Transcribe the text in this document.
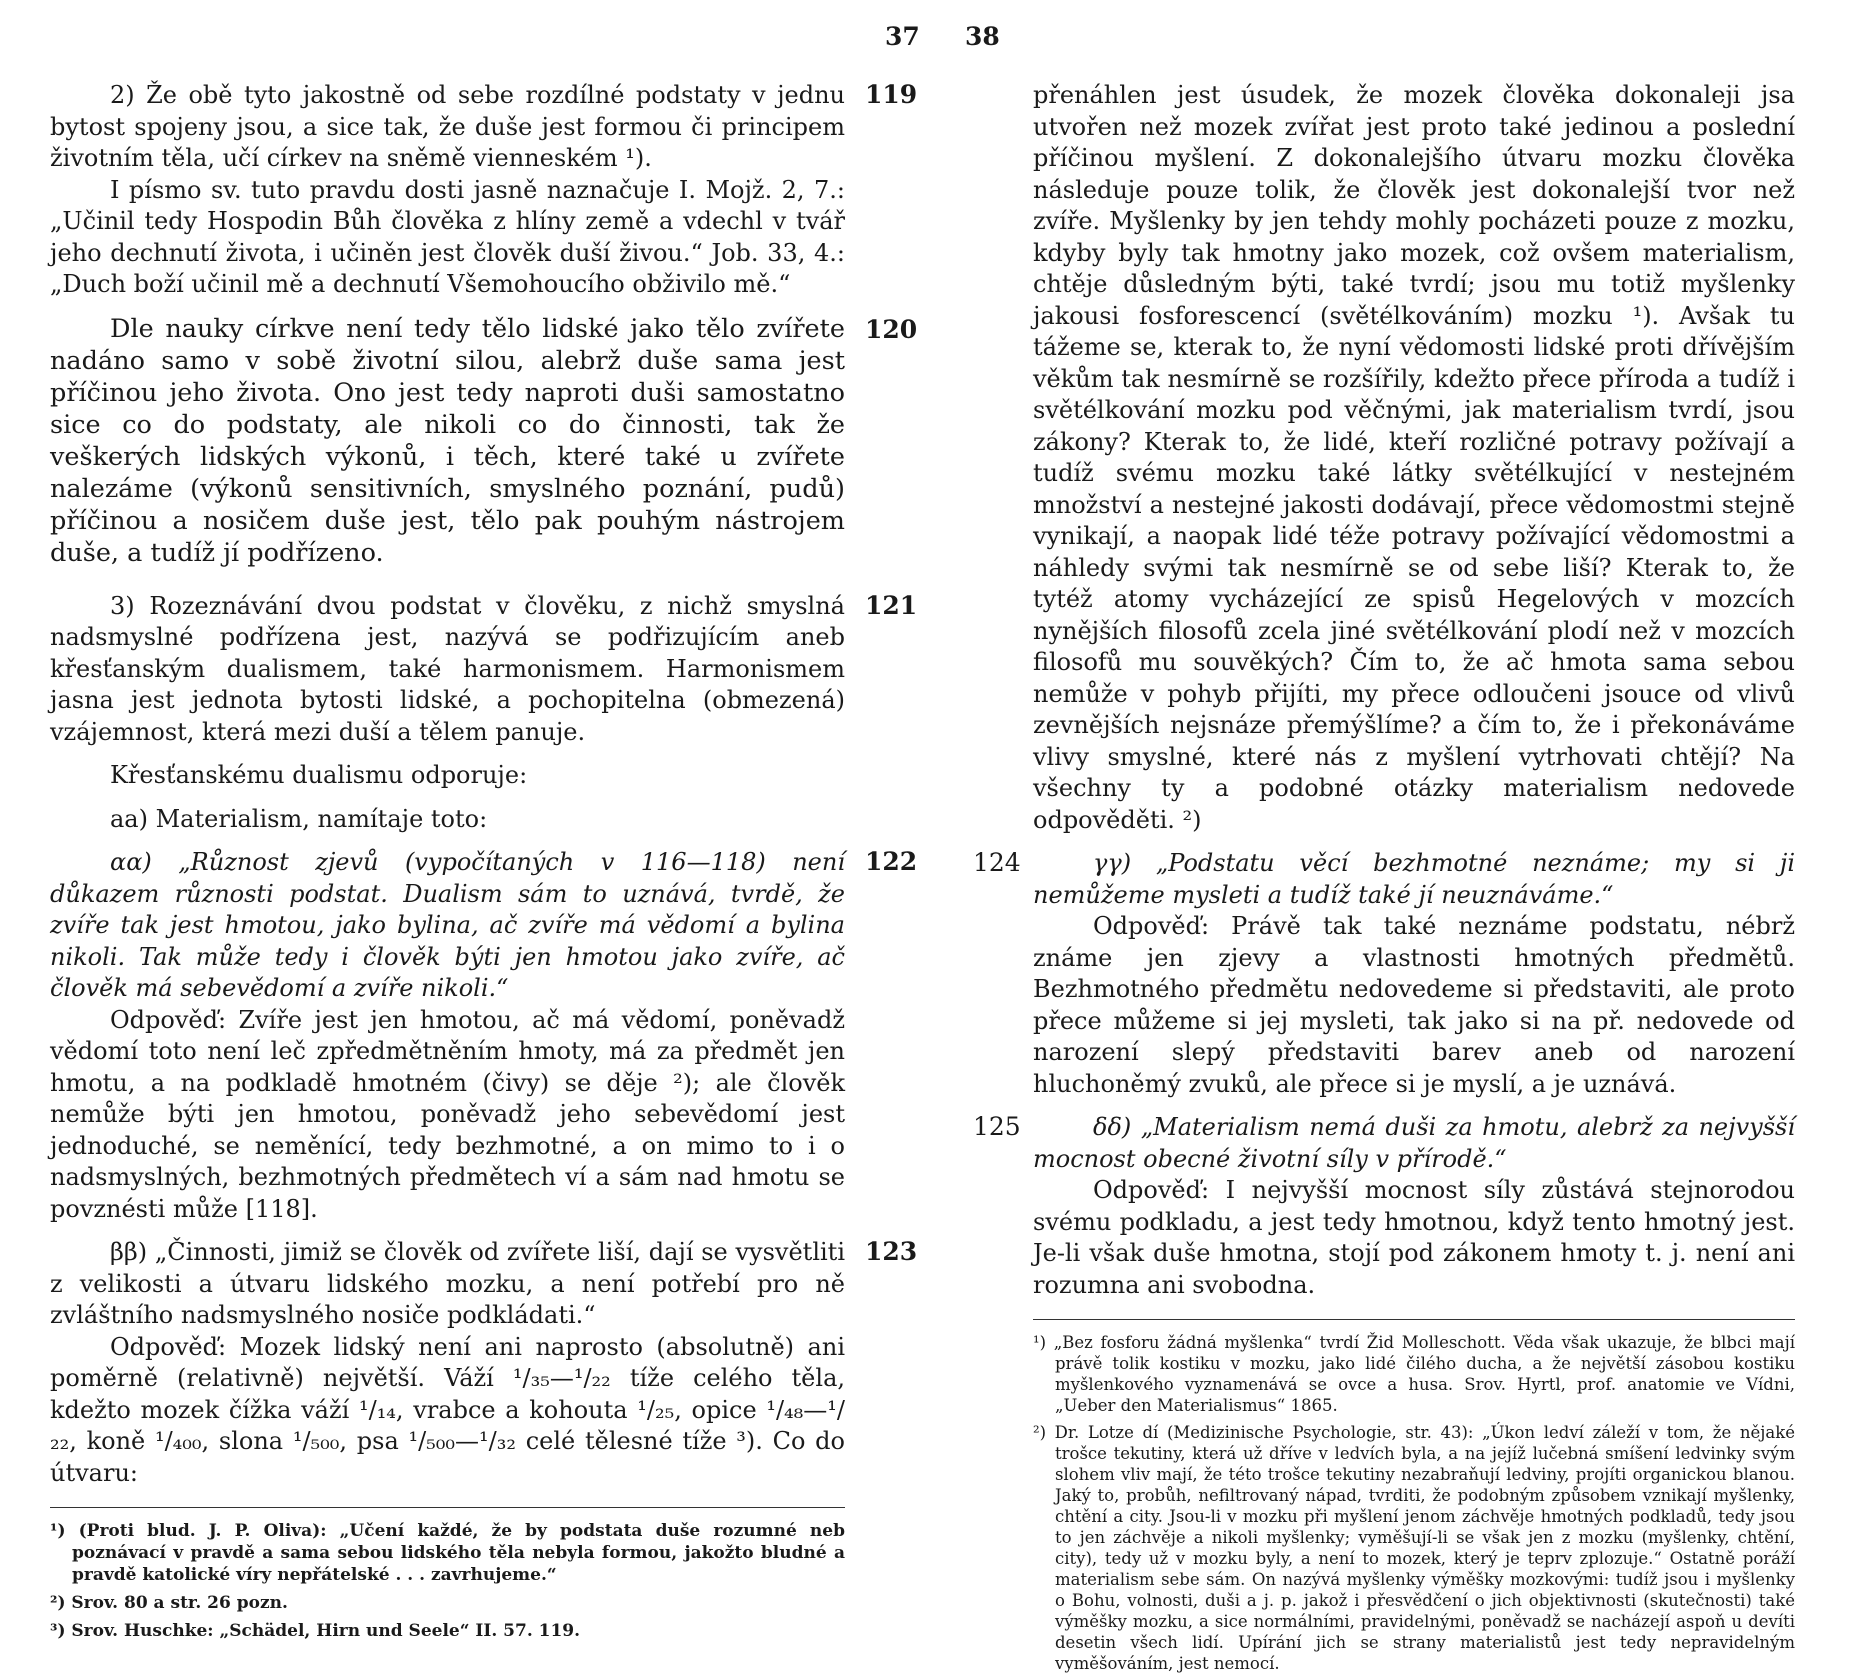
37 38
119

2) Že obě tyto jakostně od sebe rozdílné podstaty v jednu bytost spojeny jsou, a sice tak, že duše jest formou či principem životním těla, učí církev na sněmě vienneském ¹).

I písmo sv. tuto pravdu dosti jasně naznačuje I. Mojž. 2, 7.: „Učinil tedy Hospodin Bůh člověka z hlíny země a vdechl v tvář jeho dechnutí života, i učiněn jest člověk duší živou.“ Job. 33, 4.: „Duch boží učinil mě a dechnutí Všemohoucího obživilo mě.“

120

Dle nauky církve není tedy tělo lidské jako tělo zvířete nadáno samo v sobě životní silou, alebrž duše sama jest příčinou jeho života. Ono jest tedy naproti duši samostatno sice co do podstaty, ale nikoli co do činnosti, tak že veškerých lidských výkonů, i těch, které také u zvířete nalezáme (výkonů sensitivních, smyslného poznání, pudů) příčinou a nosičem duše jest, tělo pak pouhým nástrojem duše, a tudíž jí podřízeno.

121

3) Rozeznávání dvou podstat v člověku, z nichž smyslná nadsmyslné podřízena jest, nazývá se podřizujícím aneb křesťanským dualismem, také harmonismem. Harmonismem jasna jest jednota bytosti lidské, a pochopitelna (obmezená) vzájemnost, která mezi duší a tělem panuje.

Křesťanskému dualismu odporuje:

aa) Materialism, namítaje toto:

122

αα) „Různost zjevů (vypočítaných v 116—118) není důkazem různosti podstat. Dualism sám to uznává, tvrdě, že zvíře tak jest hmotou, jako bylina, ač zvíře má vědomí a bylina nikoli. Tak může tedy i člověk býti jen hmotou jako zvíře, ač člověk má sebevědomí a zvíře nikoli.“

Odpověď: Zvíře jest jen hmotou, ač má vědomí, poněvadž vědomí toto není leč zpředmětněním hmoty, má za předmět jen hmotu, a na podkladě hmotném (čivy) se děje ²); ale člověk nemůže býti jen hmotou, poněvadž jeho sebevědomí jest jednoduché, se neměnící, tedy bezhmotné, a on mimo to i o nadsmyslných, bezhmotných předmětech ví a sám nad hmotu se povznésti může [118].

123

ββ) „Činnosti, jimiž se člověk od zvířete liší, dají se vysvětliti z velikosti a útvaru lidského mozku, a není potřebí pro ně zvláštního nadsmyslného nosiče podkládati.“

Odpověď: Mozek lidský není ani naprosto (absolutně) ani poměrně (relativně) největší. Váží ¹/₃₅—¹/₂₂ tíže celého těla, kdežto mozek čížka váží ¹/₁₄, vrabce a kohouta ¹/₂₅, opice ¹/₄₈—¹/₂₂, koně ¹/₄₀₀, slona ¹/₅₀₀, psa ¹/₅₀₀—¹/₃₂ celé tělesné tíže ³). Co do útvaru:

¹) (Proti blud. J. P. Oliva): „Učení každé, že by podstata duše rozumné neb poznávací v pravdě a sama sebou lidského těla nebyla formou, jakožto bludné a pravdě katolické víry nepřátelské . . . zavrhujeme.“

²) Srov. 80 a str. 26 pozn.

³) Srov. Huschke: „Schädel, Hirn und Seele“ II. 57. 119.

přenáhlen jest úsudek, že mozek člověka dokonaleji jsa utvořen než mozek zvířat jest proto také jedinou a poslední příčinou myšlení. Z dokonalejšího útvaru mozku člověka následuje pouze tolik, že člověk jest dokonalejší tvor než zvíře. Myšlenky by jen tehdy mohly pocházeti pouze z mozku, kdyby byly tak hmotny jako mozek, což ovšem materialism, chtěje důsledným býti, také tvrdí; jsou mu totiž myšlenky jakousi fosforescencí (světélkováním) mozku ¹). Avšak tu tážeme se, kterak to, že nyní vědomosti lidské proti dřívějším věkům tak nesmírně se rozšířily, kdežto přece příroda a tudíž i světélkování mozku pod věčnými, jak materialism tvrdí, jsou zákony? Kterak to, že lidé, kteří rozličné potravy požívají a tudíž svému mozku také látky světélkující v nestejném množství a nestejné jakosti dodávají, přece vědomostmi stejně vynikají, a naopak lidé téže potravy požívající vědomostmi a náhledy svými tak nesmírně se od sebe liší? Kterak to, že tytéž atomy vycházející ze spisů Hegelových v mozcích nynějších filosofů zcela jiné světélkování plodí než v mozcích filosofů mu souvěkých? Čím to, že ač hmota sama sebou nemůže v pohyb přijíti, my přece odloučeni jsouce od vlivů zevnějších nejsnáze přemýšlíme? a čím to, že i překonáváme vlivy smyslné, které nás z myšlení vytrhovati chtějí? Na všechny ty a podobné otázky materialism nedovede odpověděti. ²)

124	γγ) „Podstatu věcí bezhmotné neznáme; my si ji nemůžeme mysleti a tudíž také jí neuznáváme.“

Odpověď: Právě tak také neznáme podstatu, nébrž známe jen zjevy a vlastnosti hmotných předmětů. Bezhmotného předmětu nedovedeme si představiti, ale proto přece můžeme si jej mysleti, tak jako si na př. nedovede od narození slepý představiti barev aneb od narození hluchoněmý zvuků, ale přece si je myslí, a je uznává.

125	δδ) „Materialism nemá duši za hmotu, alebrž za nejvyšší mocnost obecné životní síly v přírodě.“

Odpověď: I nejvyšší mocnost síly zůstává stejnorodou svému podkladu, a jest tedy hmotnou, když tento hmotný jest. Je-li však duše hmotna, stojí pod zákonem hmoty t. j. není ani rozumna ani svobodna.

¹) „Bez fosforu žádná myšlenka“ tvrdí Žid Molleschott. Věda však ukazuje, že blbci mají právě tolik kostiku v mozku, jako lidé čilého ducha, a že největší zásobou kostiku myšlenkového vyznamenává se ovce a husa. Srov. Hyrtl, prof. anatomie ve Vídni, „Ueber den Materialismus“ 1865.

²) Dr. Lotze dí (Medizinische Psychologie, str. 43): „Úkon ledví záleží v tom, že nějaké trošce tekutiny, která už dříve v ledvích byla, a na jejíž lučebná smíšení ledvinky svým slohem vliv mají, že této trošce tekutiny nezabraňují ledviny, projíti organickou blanou. Jaký to, probůh, nefiltrovaný nápad, tvrditi, že podobným způsobem vznikají myšlenky, chtění a city. Jsou-li v mozku při myšlení jenom záchvěje hmotných podkladů, tedy jsou to jen záchvěje a nikoli myšlenky; vyměšují-li se však jen z mozku (myšlenky, chtění, city), tedy už v mozku byly, a není to mozek, který je teprv zplozuje.“ Ostatně poráží materialism sebe sám. On nazývá myšlenky výměšky mozkovými: tudíž jsou i myšlenky o Bohu, volnosti, duši a j. p. jakož i přesvědčení o jich objektivnosti (skutečnosti) také výměšky mozku, a sice normálními, pravidelnými, poněvadž se nacházejí aspoň u devíti desetin všech lidí. Upírání jich se strany materialistů jest tedy nepravidelným vyměšováním, jest nemocí.
